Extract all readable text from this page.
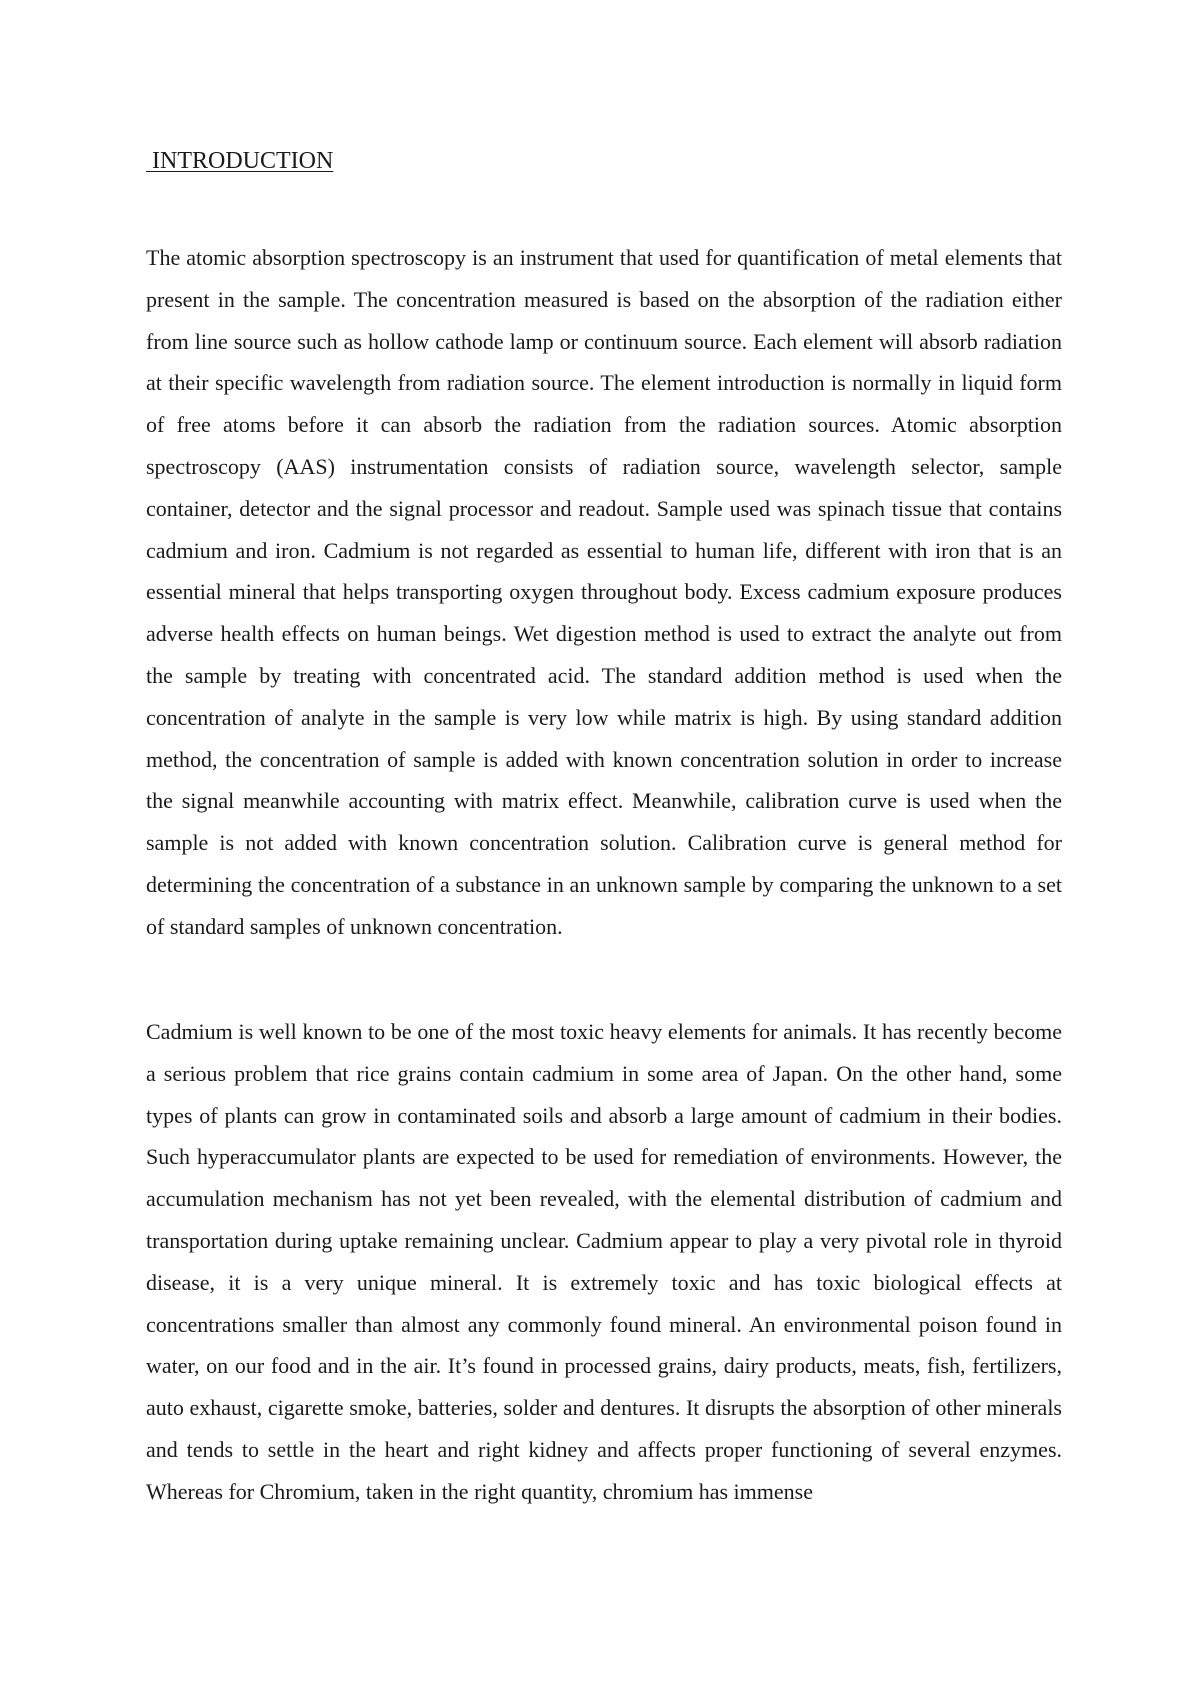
INTRODUCTION

The atomic absorption spectroscopy is an instrument that used for quantification of metal elements that present in the sample. The concentration measured is based on the absorption of the radiation either from line source such as hollow cathode lamp or continuum source. Each element will absorb radiation at their specific wavelength from radiation source. The element introduction is normally in liquid form of free atoms before it can absorb the radiation from the radiation sources. Atomic absorption spectroscopy (AAS) instrumentation consists of radiation source, wavelength selector, sample container, detector and the signal processor and readout. Sample used was spinach tissue that contains cadmium and iron. Cadmium is not regarded as essential to human life, different with iron that is an essential mineral that helps transporting oxygen throughout body. Excess cadmium exposure produces adverse health effects on human beings. Wet digestion method is used to extract the analyte out from the sample by treating with concentrated acid. The standard addition method is used when the concentration of analyte in the sample is very low while matrix is high. By using standard addition method, the concentration of sample is added with known concentration solution in order to increase the signal meanwhile accounting with matrix effect. Meanwhile, calibration curve is used when the sample is not added with known concentration solution. Calibration curve is general method for determining the concentration of a substance in an unknown sample by comparing the unknown to a set of standard samples of unknown concentration.

Cadmium is well known to be one of the most toxic heavy elements for animals. It has recently become a serious problem that rice grains contain cadmium in some area of Japan. On the other hand, some types of plants can grow in contaminated soils and absorb a large amount of cadmium in their bodies. Such hyperaccumulator plants are expected to be used for remediation of environments. However, the accumulation mechanism has not yet been revealed, with the elemental distribution of cadmium and transportation during uptake remaining unclear. Cadmium appear to play a very pivotal role in thyroid disease, it is a very unique mineral. It is extremely toxic and has toxic biological effects at concentrations smaller than almost any commonly found mineral. An environmental poison found in water, on our food and in the air. It’s found in processed grains, dairy products, meats, fish, fertilizers, auto exhaust, cigarette smoke, batteries, solder and dentures. It disrupts the absorption of other minerals and tends to settle in the heart and right kidney and affects proper functioning of several enzymes. Whereas for Chromium, taken in the right quantity, chromium has immense
